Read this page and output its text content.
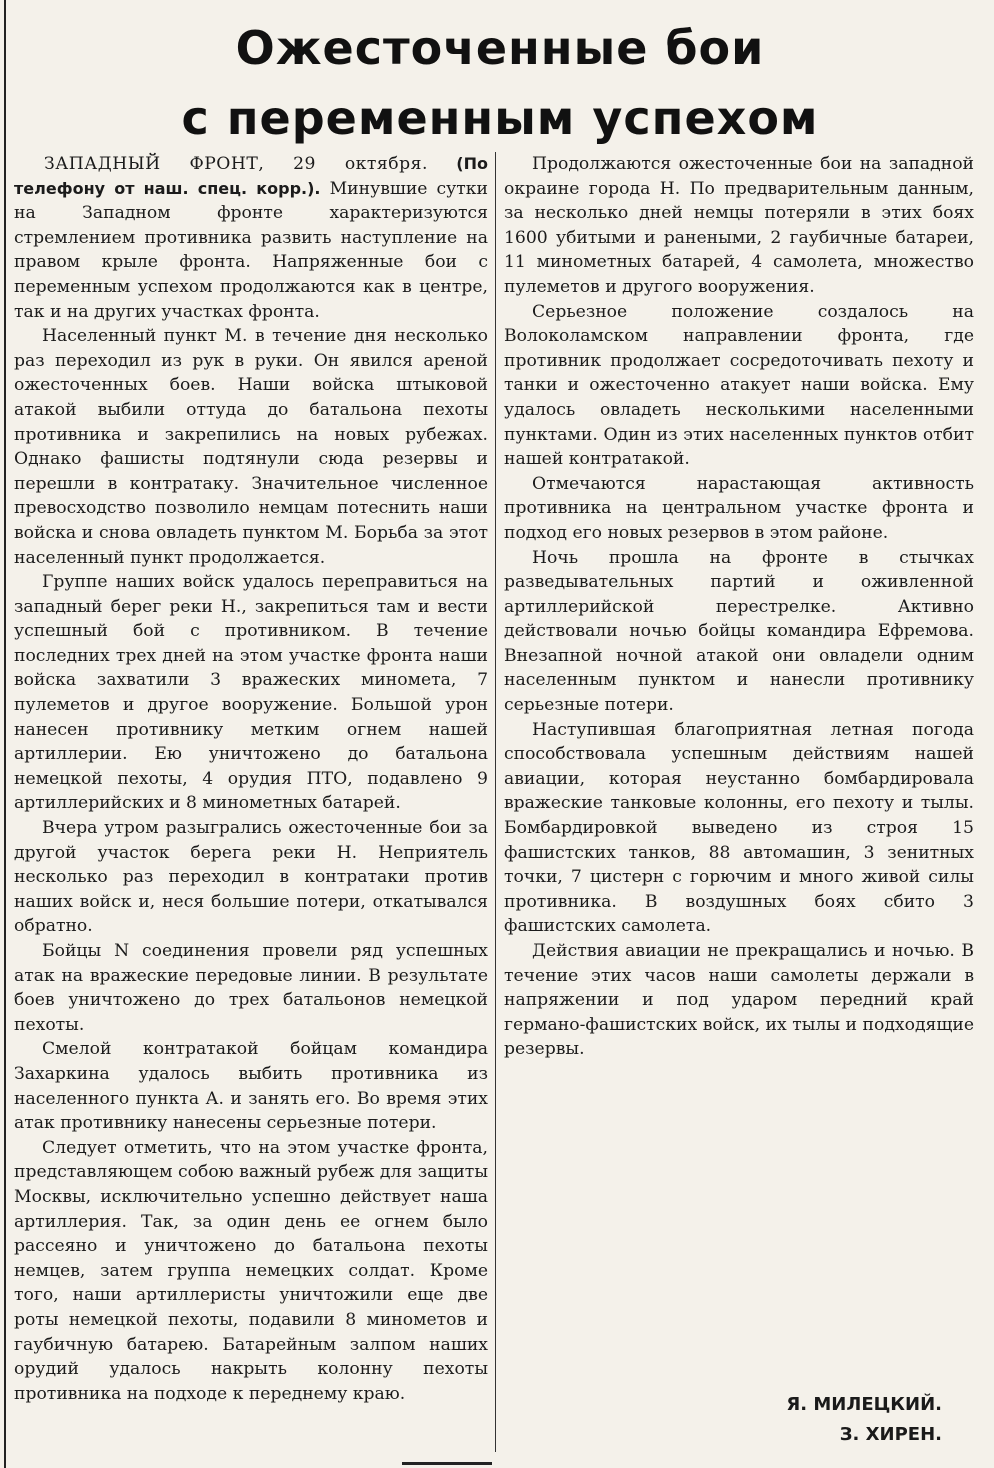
Ожесточенные бои
с переменным успехом

ЗАПАДНЫЙ ФРОНТ, 29 октября. (По телефону от наш. спец. корр.). Минувшие сутки на Западном фронте характеризуются стремлением противника развить наступление на правом крыле фронта. Напряженные бои с переменным успехом продолжаются как в центре, так и на других участках фронта.

Населенный пункт М. в течение дня несколько раз переходил из рук в руки. Он явился ареной ожесточенных боев. Наши войска штыковой атакой выбили оттуда до батальона пехоты противника и закрепились на новых рубежах. Однако фашисты подтянули сюда резервы и перешли в контратаку. Значительное численное превосходство позволило немцам потеснить наши войска и снова овладеть пунктом М. Борьба за этот населенный пункт продолжается.

Группе наших войск удалось переправиться на западный берег реки Н., закрепиться там и вести успешный бой с противником. В течение последних трех дней на этом участке фронта наши войска захватили 3 вражеских миномета, 7 пулеметов и другое вооружение. Большой урон нанесен противнику метким огнем нашей артиллерии. Ею уничтожено до батальона немецкой пехоты, 4 орудия ПТО, подавлено 9 артиллерийских и 8 минометных батарей.

Вчера утром разыгрались ожесточенные бои за другой участок берега реки Н. Неприятель несколько раз переходил в контратаки против наших войск и, неся большие потери, откатывался обратно.

Бойцы N соединения провели ряд успешных атак на вражеские передовые линии. В результате боев уничтожено до трех батальонов немецкой пехоты.

Смелой контратакой бойцам командира Захаркина удалось выбить противника из населенного пункта А. и занять его. Во время этих атак противнику нанесены серьезные потери.

Следует отметить, что на этом участке фронта, представляющем собою важный рубеж для защиты Москвы, исключительно успешно действует наша артиллерия. Так, за один день ее огнем было рассеяно и уничтожено до батальона пехоты немцев, затем группа немецких солдат. Кроме того, наши артиллеристы уничтожили еще две роты немецкой пехоты, подавили 8 минометов и гаубичную батарею. Батарейным залпом наших орудий удалось накрыть колонну пехоты противника на подходе к переднему краю.

Продолжаются ожесточенные бои на западной окраине города Н. По предварительным данным, за несколько дней немцы потеряли в этих боях 1600 убитыми и ранеными, 2 гаубичные батареи, 11 минометных батарей, 4 самолета, множество пулеметов и другого вооружения.

Серьезное положение создалось на Волоколамском направлении фронта, где противник продолжает сосредоточивать пехоту и танки и ожесточенно атакует наши войска. Ему удалось овладеть несколькими населенными пунктами. Один из этих населенных пунктов отбит нашей контратакой.

Отмечаются нарастающая активность противника на центральном участке фронта и подход его новых резервов в этом районе.

Ночь прошла на фронте в стычках разведывательных партий и оживленной артиллерийской перестрелке. Активно действовали ночью бойцы командира Ефремова. Внезапной ночной атакой они овладели одним населенным пунктом и нанесли противнику серьезные потери.

Наступившая благоприятная летная погода способствовала успешным действиям нашей авиации, которая неустанно бомбардировала вражеские танковые колонны, его пехоту и тылы. Бомбардировкой выведено из строя 15 фашистских танков, 88 автомашин, 3 зенитных точки, 7 цистерн с горючим и много живой силы противника. В воздушных боях сбито 3 фашистских самолета.

Действия авиации не прекращались и ночью. В течение этих часов наши самолеты держали в напряжении и под ударом передний край германо-фашистских войск, их тылы и подходящие резервы.

Я. МИЛЕЦКИЙ.
З. ХИРЕН.
